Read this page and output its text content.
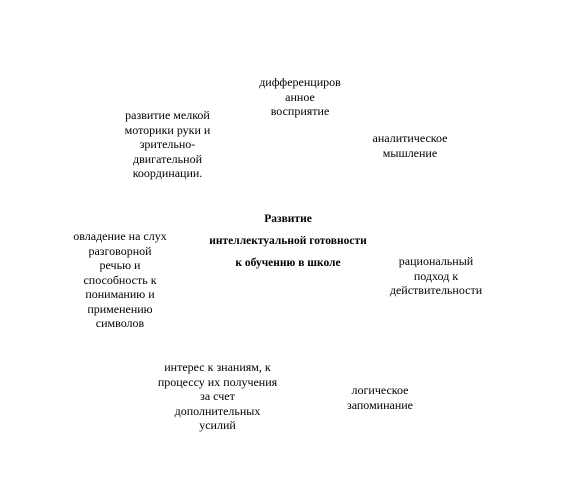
Развитие
интеллектуальной готовности
к обучению в школе
дифференциров
анное
восприятие
развитие мелкой
моторики руки и
зрительно-
двигательной
координации.
аналитическое
мышление
овладение на слух
разговорной
речью и
способность к
пониманию и
применению
символов
рациональный
подход к
действительности
интерес к знаниям, к
процессу их получения
за счет
дополнительных
усилий
логическое
запоминание
